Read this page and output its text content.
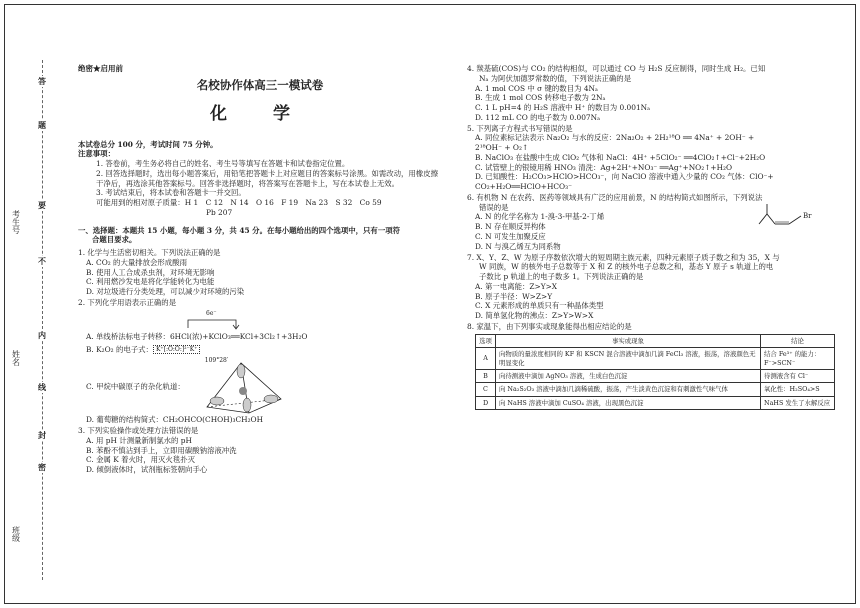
答
题
要
不
内
线
封
密
考生号
姓名
班级

绝密★启用前

名校协作体高三一模试卷

化 学

本试卷总分 100 分，考试时间 75 分钟。

注意事项：

1. 答卷前，考生务必将自己的姓名、考生号等填写在答题卡和试卷指定位置。

2. 回答选择题时，选出每小题答案后，用铅笔把答题卡上对应题目的答案标号涂黑。如需改动，用橡皮擦干净后，再选涂其他答案标号。回答非选择题时，将答案写在答题卡上，写在本试卷上无效。

3. 考试结束后，将本试卷和答题卡一并交回。

可能用到的相对原子质量：H 1　C 12　N 14　O 16　F 19　Na 23　S 32　Co 59

Pb 207

一、选择题：本题共 15 小题，每小题 3 分，共 45 分。在每小题给出的四个选项中，只有一项符

合题目要求。

1. 化学与生活密切相关。下列说法正确的是

A. CO₂ 的大量排放会形成酸雨

B. 使用人工合成杀虫剂，对环境无影响

C. 利用燃沙发电是将化学能转化为电能

D. 对垃圾进行分类处理，可以减少对环境的污染

2. 下列化学用语表示正确的是

6e⁻

A. 单线桥法标电子转移：6HCl(浓)+KClO₃══KCl+3Cl₂↑+3H₂O

B. K₂O₂ 的电子式： K⁺[:Ö:Ö:]²⁻K⁺
C. 甲烷中碳原子的杂化轨道：
109°28′

D. 葡萄糖的结构简式：CH₂OHCO(CHOH)₃CH₂OH

3. 下列实验操作或处理方法错误的是

A. 用 pH 计测量新制氯水的 pH

B. 苯酚不慎沾到手上，立即用碳酸钠溶液冲洗

C. 金属 K 着火时，用灭火毯扑灭

D. 倾倒液体时，试剂瓶标签朝向手心

4. 羰基硫(COS)与 CO₂ 的结构相似，可以通过 CO 与 H₂S 反应制得，同时生成 H₂。已知

Nₐ 为阿伏加德罗常数的值，下列说法正确的是

A. 1 mol COS 中 σ 键的数目为 4Nₐ

B. 生成 1 mol COS 转移电子数为 2Nₐ

C. 1 L pH=4 的 H₂S 溶液中 H⁺ 的数目为 0.001Nₐ

D. 112 mL CO 的电子数为 0.007Nₐ

5. 下列离子方程式书写错误的是

A. 同位素标记法表示 Na₂O₂ 与水的反应：2Na₂O₂ + 2H₂¹⁸O ══ 4Na⁺ + 2OH⁻ +

2¹⁸OH⁻ + O₂↑

B. NaClO₃ 在盐酸中生成 ClO₂ 气体和 NaCl：4H⁺ +5ClO₂⁻ ══4ClO₂↑+Cl⁻+2H₂O

C. 试管壁上的银镜用稀 HNO₃ 清洗：Ag+2H⁺+NO₃⁻ ══Ag⁺+NO₂↑+H₂O

D. 已知酸性：H₂CO₃>HClO>HCO₃⁻，向 NaClO 溶液中通入少量的 CO₂ 气体：ClO⁻+

CO₂+H₂O══HClO+HCO₃⁻

6. 有机物 N 在农药、医药等领域具有广泛的应用前景，N 的结构简式如图所示，下列说法

错误的是

A. N 的化学名称为 1-溴-3-甲基-2-丁烯

B. N 存在顺反异构体

C. N 可发生加聚反应

D. N 与溴乙烯互为同系物

Br

7. X、Y、Z、W 为原子序数依次增大的短周期主族元素，四种元素原子质子数之和为 35，X 与

W 同族，W 的核外电子总数等于 X 和 Z 的核外电子总数之和，基态 Y 原子 s 轨道上的电

子数比 p 轨道上的电子数多 1。下列说法正确的是

A. 第一电离能：Z>Y>X

B. 原子半径：W>Z>Y

C. X 元素形成的单质只有一种晶体类型

D. 简单氢化物的沸点：Z>Y>W>X

8. 家温下，由下列事实或现象能得出相应结论的是

选项	事实或现象	结论
A	向物质的量浓度相同的 KF 和 KSCN 混合溶液中滴加几滴 FeCl₃ 溶液，振荡，溶液颜色无明显变化	结合 Fe³⁺ 的能力：F⁻>SCN⁻
B	向待测液中滴加 AgNO₃ 溶液，生成白色沉淀	待测液含有 Cl⁻
C	向 Na₂S₂O₃ 溶液中滴加几滴稀硫酸，振荡，产生淡黄色沉淀和有刺激性气味气体	氧化性：H₂SO₄>S
D	向 NaHS 溶液中滴加 CuSO₄ 溶液，出现黑色沉淀	NaHS 发生了水解反应
